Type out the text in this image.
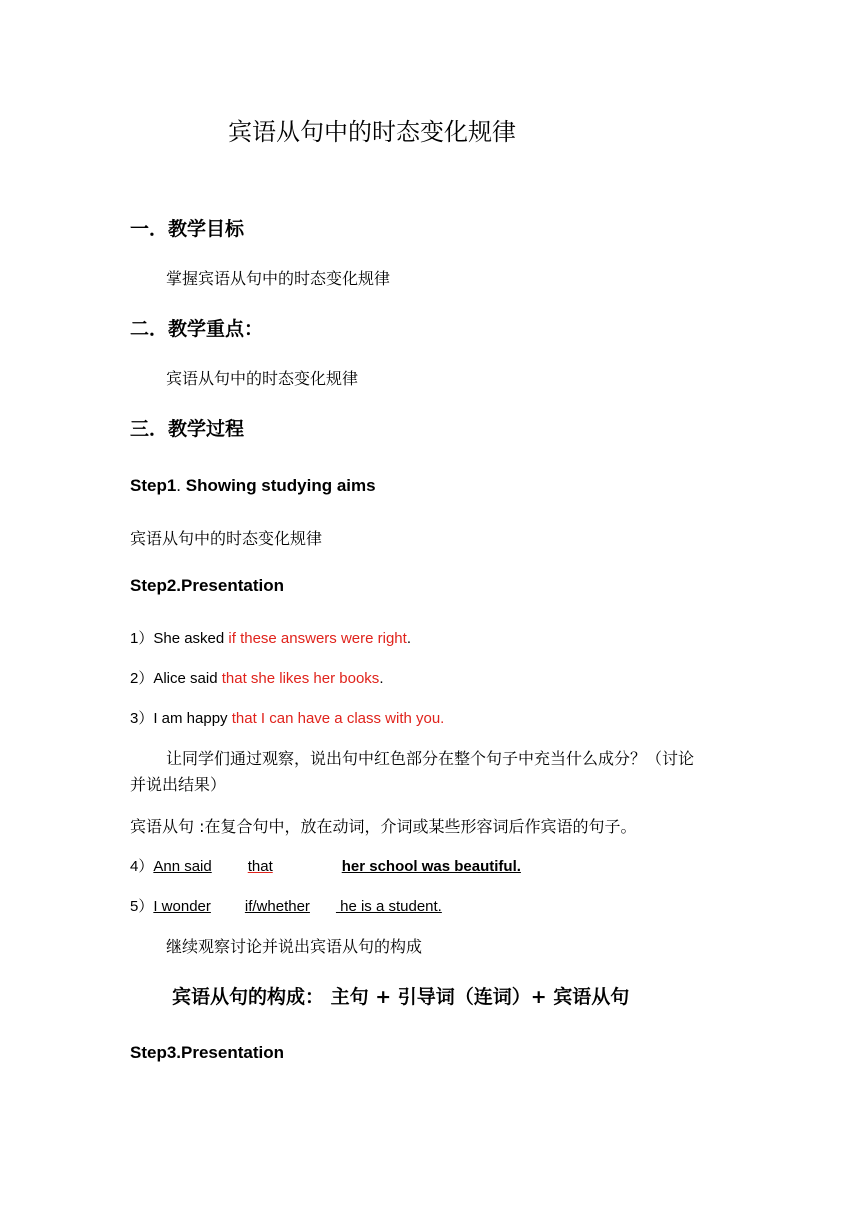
宾语从句中的时态变化规律
一．教学目标
掌握宾语从句中的时态变化规律
二．教学重点：
宾语从句中的时态变化规律
三．教学过程
Step1. Showing studying aims
宾语从句中的时态变化规律
Step2.Presentation
1）She asked if these answers were right.
2）Alice said that she likes her books.
3）I am happy that I can have a class with you.
让同学们通过观察，说出句中红色部分在整个句子中充当什么成分？（讨论
并说出结果）
宾语从句 :在复合句中，放在动词，介词或某些形容词后作宾语的句子。
4）Ann saidthat	her school was beautiful.
5）I wonder if/whether he is a student.
继续观察讨论并说出宾语从句的构成
宾语从句的构成： 主句 + 引导词（连词）+ 宾语从句
Step3.Presentation
